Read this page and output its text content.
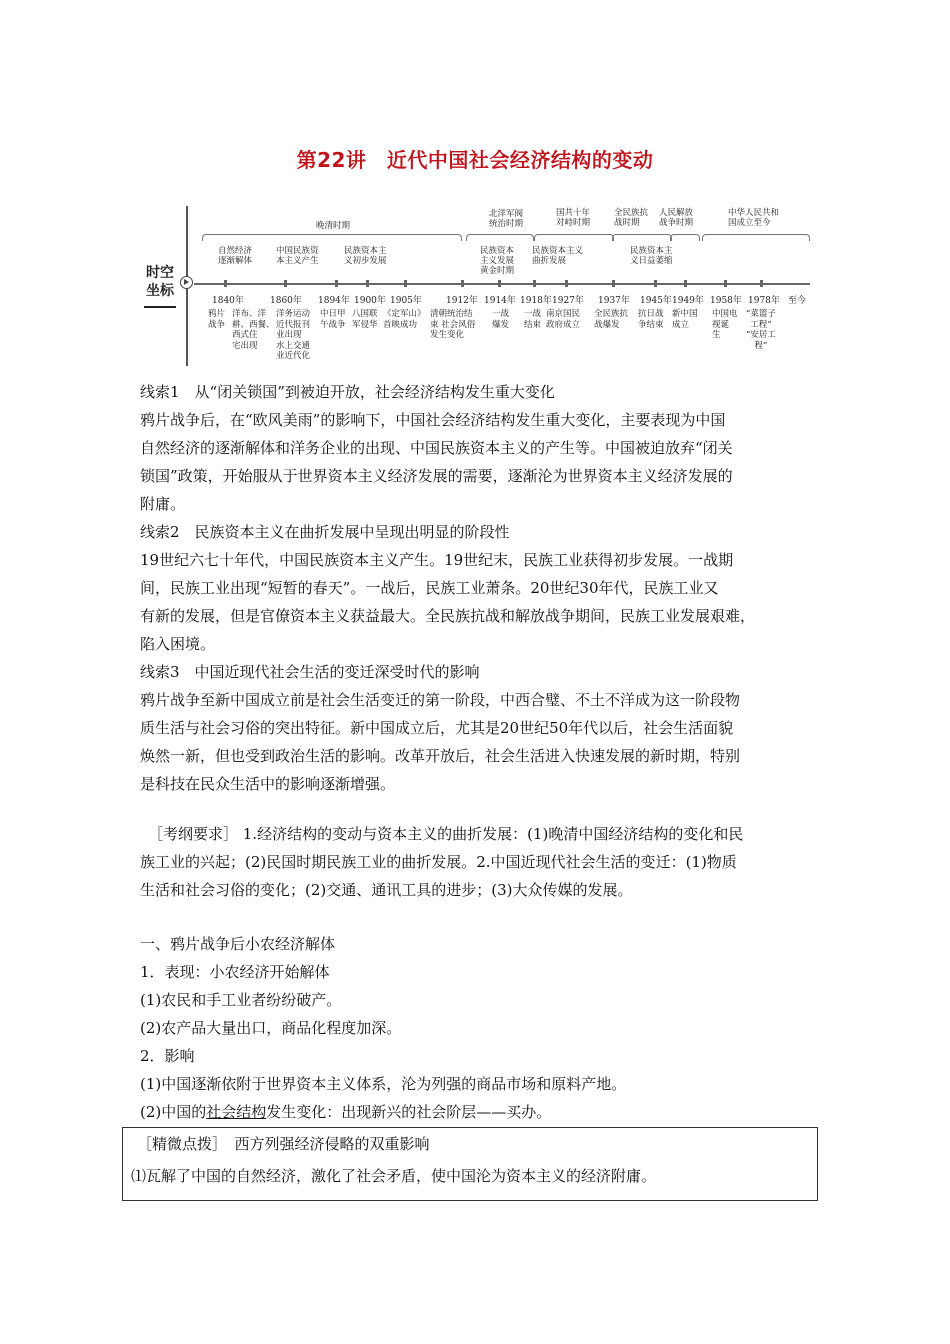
第22讲　近代中国社会经济结构的变动
时空
坐标
晚清时期
北洋军阀
统治时期
国共十年
对峙时期
全民族抗
战时期
人民解放
战争时期
中华人民共和
国成立至今
自然经济
逐渐解体
中国民族资
本主义产生
民族资本主
义初步发展
民族资本
主义发展
黄金时期
民族资本主义
曲折发展
民族资本主
义日益萎缩
1840年	1860年 1894年 1900年 1905年	1912年 1914年 1918年 1927年 1937年 1945年 1949年 1958年 1978年 至今
鸦片
战争
洋布、洋
耕、西餐、
西式住
宅出现
洋务运动
近代报刊
业出现
水上交通
业近代化
中日甲
午战争
八国联
军侵华
《定军山》
首映成功
清朝统治结
束 社会风俗
发生变化
一战
爆发
一战
结束
南京国民
政府成立
全民族抗
战爆发
抗日战
争结束
新中国
成立
中国电
视诞
生
“菜篮子
工程”
“安居工
程”

线索1　从“闭关锁国”到被迫开放，社会经济结构发生重大变化

鸦片战争后，在“欧风美雨”的影响下，中国社会经济结构发生重大变化，主要表现为中国

自然经济的逐渐解体和洋务企业的出现、中国民族资本主义的产生等。中国被迫放弃“闭关

锁国”政策，开始服从于世界资本主义经济发展的需要，逐渐沦为世界资本主义经济发展的

附庸。

线索2　民族资本主义在曲折发展中呈现出明显的阶段性

19世纪六七十年代，中国民族资本主义产生。19世纪末，民族工业获得初步发展。一战期

间，民族工业出现“短暂的春天”。一战后，民族工业萧条。20世纪30年代，民族工业又

有新的发展，但是官僚资本主义获益最大。全民族抗战和解放战争期间，民族工业发展艰难，

陷入困境。

线索3　中国近现代社会生活的变迁深受时代的影响

鸦片战争至新中国成立前是社会生活变迁的第一阶段，中西合璧、不土不洋成为这一阶段物

质生活与社会习俗的突出特征。新中国成立后，尤其是20世纪50年代以后，社会生活面貌

焕然一新，但也受到政治生活的影响。改革开放后，社会生活进入快速发展的新时期，特别

是科技在民众生活中的影响逐渐增强。

［考纲要求］ 1.经济结构的变动与资本主义的曲折发展：(1)晚清中国经济结构的变化和民

族工业的兴起；(2)民国时期民族工业的曲折发展。2.中国近现代社会生活的变迁：(1)物质

生活和社会习俗的变化；(2)交通、通讯工具的进步；(3)大众传媒的发展。

一、鸦片战争后小农经济解体

1．表现：小农经济开始解体

(1)农民和手工业者纷纷破产。

(2)农产品大量出口，商品化程度加深。

2．影响

(1)中国逐渐依附于世界资本主义体系，沦为列强的商品市场和原料产地。

(2)中国的社会结构发生变化：出现新兴的社会阶层——买办。

［精微点拨］　西方列强经济侵略的双重影响
⑴瓦解了中国的自然经济，激化了社会矛盾，使中国沦为资本主义的经济附庸。
